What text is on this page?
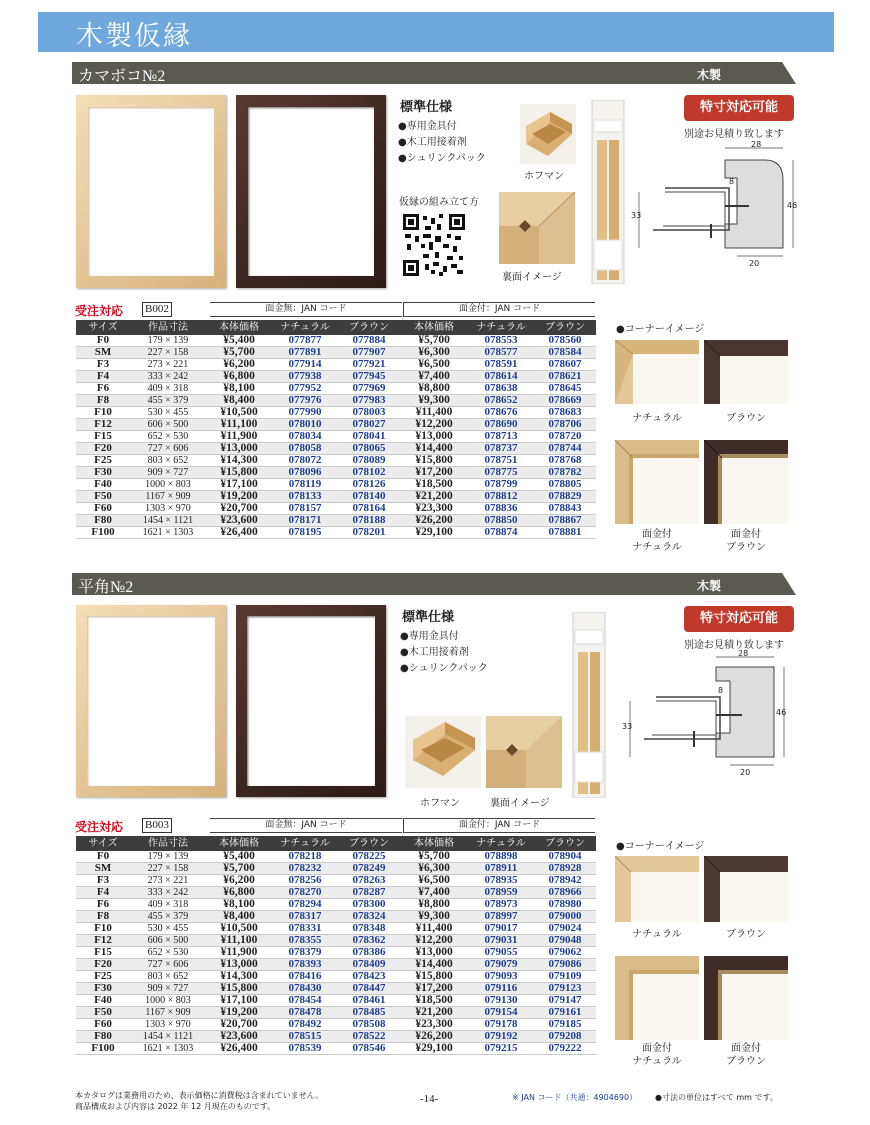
木製仮縁
カマボコ№2	木製
標準仕様
●専用金具付
●木工用接着剤
●シュリンクパック
ホフマン
仮縁の組み立て方
裏面イメージ
特寸対応可能
別途お見積り致します
28
46
33
20
8
受注対応 B002	面金無：JAN コード	面金付：JAN コード
サイズ	作品寸法	本体価格	ナチュラル	ブラウン	本体価格	ナチュラル	ブラウン
F0	179 × 139	¥5,400	077877	077884	¥5,700	078553	078560
SM	227 × 158	¥5,700	077891	077907	¥6,300	078577	078584
F3	273 × 221	¥6,200	077914	077921	¥6,500	078591	078607
F4	333 × 242	¥6,800	077938	077945	¥7,400	078614	078621
F6	409 × 318	¥8,100	077952	077969	¥8,800	078638	078645
F8	455 × 379	¥8,400	077976	077983	¥9,300	078652	078669
F10	530 × 455	¥10,500	077990	078003	¥11,400	078676	078683
F12	606 × 500	¥11,100	078010	078027	¥12,200	078690	078706
F15	652 × 530	¥11,900	078034	078041	¥13,000	078713	078720
F20	727 × 606	¥13,000	078058	078065	¥14,400	078737	078744
F25	803 × 652	¥14,300	078072	078089	¥15,800	078751	078768
F30	909 × 727	¥15,800	078096	078102	¥17,200	078775	078782
F40	1000 × 803	¥17,100	078119	078126	¥18,500	078799	078805
F50	1167 × 909	¥19,200	078133	078140	¥21,200	078812	078829
F60	1303 × 970	¥20,700	078157	078164	¥23,300	078836	078843
F80	1454 × 1121	¥23,600	078171	078188	¥26,200	078850	078867
F100	1621 × 1303	¥26,400	078195	078201	¥29,100	078874	078881
●コーナーイメージ
ナチュラル	ブラウン
面金付
ナチュラル
面金付
ブラウン
平角№2	木製
標準仕様
●専用金具付
●木工用接着剤
●シュリンクパック
ホフマン	裏面イメージ
特寸対応可能
別途お見積り致します
28
46
33
20
8
受注対応 B003	面金無：JAN コード	面金付：JAN コード
サイズ	作品寸法	本体価格	ナチュラル	ブラウン	本体価格	ナチュラル	ブラウン
F0	179 × 139	¥5,400	078218	078225	¥5,700	078898	078904
SM	227 × 158	¥5,700	078232	078249	¥6,300	078911	078928
F3	273 × 221	¥6,200	078256	078263	¥6,500	078935	078942
F4	333 × 242	¥6,800	078270	078287	¥7,400	078959	078966
F6	409 × 318	¥8,100	078294	078300	¥8,800	078973	078980
F8	455 × 379	¥8,400	078317	078324	¥9,300	078997	079000
F10	530 × 455	¥10,500	078331	078348	¥11,400	079017	079024
F12	606 × 500	¥11,100	078355	078362	¥12,200	079031	079048
F15	652 × 530	¥11,900	078379	078386	¥13,000	079055	079062
F20	727 × 606	¥13,000	078393	078409	¥14,400	079079	079086
F25	803 × 652	¥14,300	078416	078423	¥15,800	079093	079109
F30	909 × 727	¥15,800	078430	078447	¥17,200	079116	079123
F40	1000 × 803	¥17,100	078454	078461	¥18,500	079130	079147
F50	1167 × 909	¥19,200	078478	078485	¥21,200	079154	079161
F60	1303 × 970	¥20,700	078492	078508	¥23,300	079178	079185
F80	1454 × 1121	¥23,600	078515	078522	¥26,200	079192	079208
F100	1621 × 1303	¥26,400	078539	078546	¥29,100	079215	079222
●コーナーイメージ
ナチュラル	ブラウン
面金付
ナチュラル
面金付
ブラウン
本カタログは業務用のため、表示価格に消費税は含まれていません。
商品構成および内容は 2022 年 12 月現在のものです。
-14-	※ JAN コード（共通：4904690） ●寸法の単位はすべて mm です。
